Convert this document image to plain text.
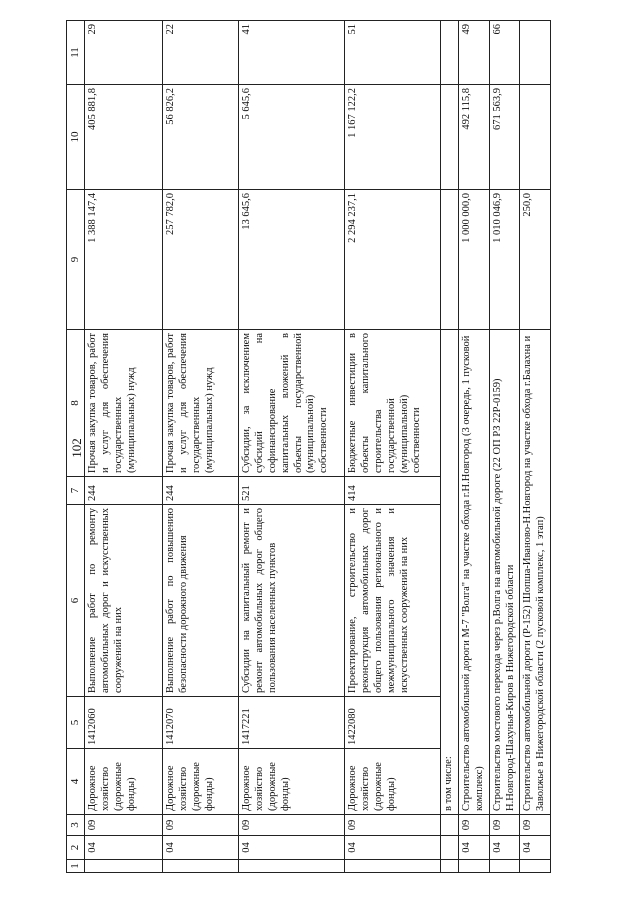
102
1	2	3	4	5	6	7	8	9	10	11
	04	09	Дорожное хозяйство (дорожные фонды)	1412060	Выполнение работ по ремонту автомобильных дорог и искусственных сооружений на них	244	Прочая закупка товаров, работ и услуг для обеспечения государственных (муниципальных) нужд	1 388 147,4	405 881,8	29
	04	09	Дорожное хозяйство (дорожные фонды)	1412070	Выполнение работ по повышению безопасности дорожного движения	244	Прочая закупка товаров, работ и услуг для обеспечения государственных (муниципальных) нужд	257 782,0	56 826,2	22
	04	09	Дорожное хозяйство (дорожные фонды)	1417221	Субсидии на капитальный ремонт и ремонт автомобильных дорог общего пользования населенных пунктов	521	Субсидии, за исключением субсидий на софинансирование капитальных вложений в объекты государственной (муниципальной) собственности	13 645,6	5 645,6	41
	04	09	Дорожное хозяйство (дорожные фонды)	1422080	Проектирование, строительство и реконструкция автомобильных дорог общего пользования регионального и межмуниципального значения и искусственных сооружений на них	414	Бюджетные инвестиции в объекты капитального строительства государственной (муниципальной) собственности	2 294 237,1	1 167 122,2	51
			в том числе:							
	04	09	Строительство автомобильной дороги М-7 "Волга" на участке обхода г.Н.Новгород (3 очередь, 1 пусковой комплекс)					1 000 000,0	492 115,8	49
	04	09	Строительство мостового перехода через р.Волга на автомобильной дороге (22 ОП РЗ 22Р-0159) Н.Новгород-Шахунья-Киров в Нижегородской области					1 010 046,9	671 563,9	66
	04	09	Строительство автомобильной дороги (Р-152) Шопша-Иваново-Н.Новгород на участке обхода г.Балахна и Заволжье в Нижегородской области (2 пусковой комплекс, 1 этап)					250,0		
